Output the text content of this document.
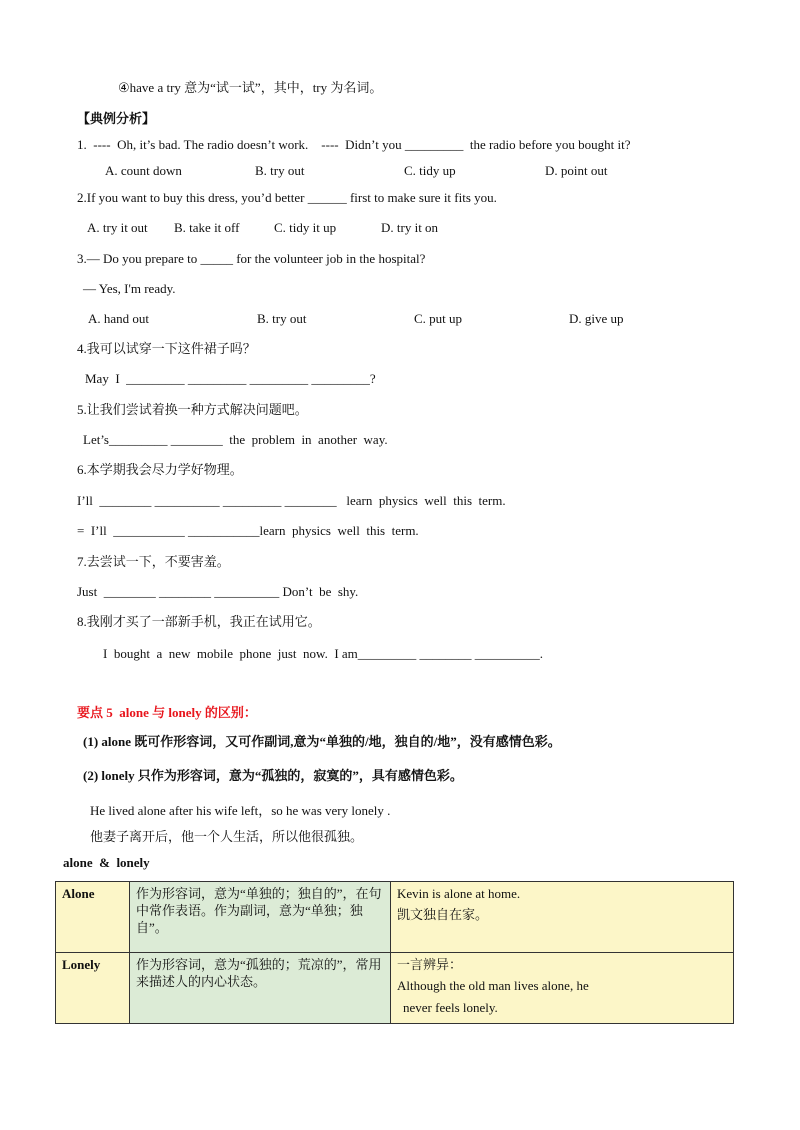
④have a try 意为“试一试”，其中，try 为名词。
【典例分析】
1.  ----  Oh, it’s bad. The radio doesn’t work.    ----  Didn’t you _________  the radio before you bought it?
A. count down	B. try out	C. tidy up	D. point out
2.If you want to buy this dress, you’d better ______ first to make sure it fits you.
A. try it out B. take it off	C. tidy it up	D. try it on
3.— Do you prepare to _____ for the volunteer job in the hospital?
— Yes, I'm ready.
A. hand out	B. try out	C. put up	D. give up
4.我可以试穿一下这件裙子吗？
May  I  _________ _________ _________ _________?
5.让我们尝试着换一种方式解决问题吧。
Let’s_________ ________  the  problem  in  another  way.
6.本学期我会尽力学好物理。
I’ll  ________ __________ _________ ________   learn  physics  well  this  term.
=  I’ll  ___________ ___________learn  physics  well  this  term.
7.去尝试一下，不要害羞。
Just  ________ ________ __________ Don’t  be  shy.
8.我刚才买了一部新手机，我正在试用它。
I  bought  a  new  mobile  phone  just  now.  I am_________ ________ __________.
要点 5  alone 与 lonely 的区别：
(1) alone 既可作形容词，又可作副词,意为“单独的/地，独自的/地”，没有感情色彩。
(2) lonely 只作为形容词，意为“孤独的，寂寞的”，具有感情色彩。
He lived alone after his wife left，so he was very lonely .
他妻子离开后，他一个人生活，所以他很孤独。
alone  &  lonely
Alone	作为形容词，意为“单独的；独自的”，在句中常作表语。作为副词，意为“单独；独自”。	Kevin is alone at home.
凯文独自在家。

Lonely	作为形容词，意为“孤独的；荒凉的”，常用来描述人的内心状态。	一言辨异：
Although the old man lives alone, he
never feels lonely.
